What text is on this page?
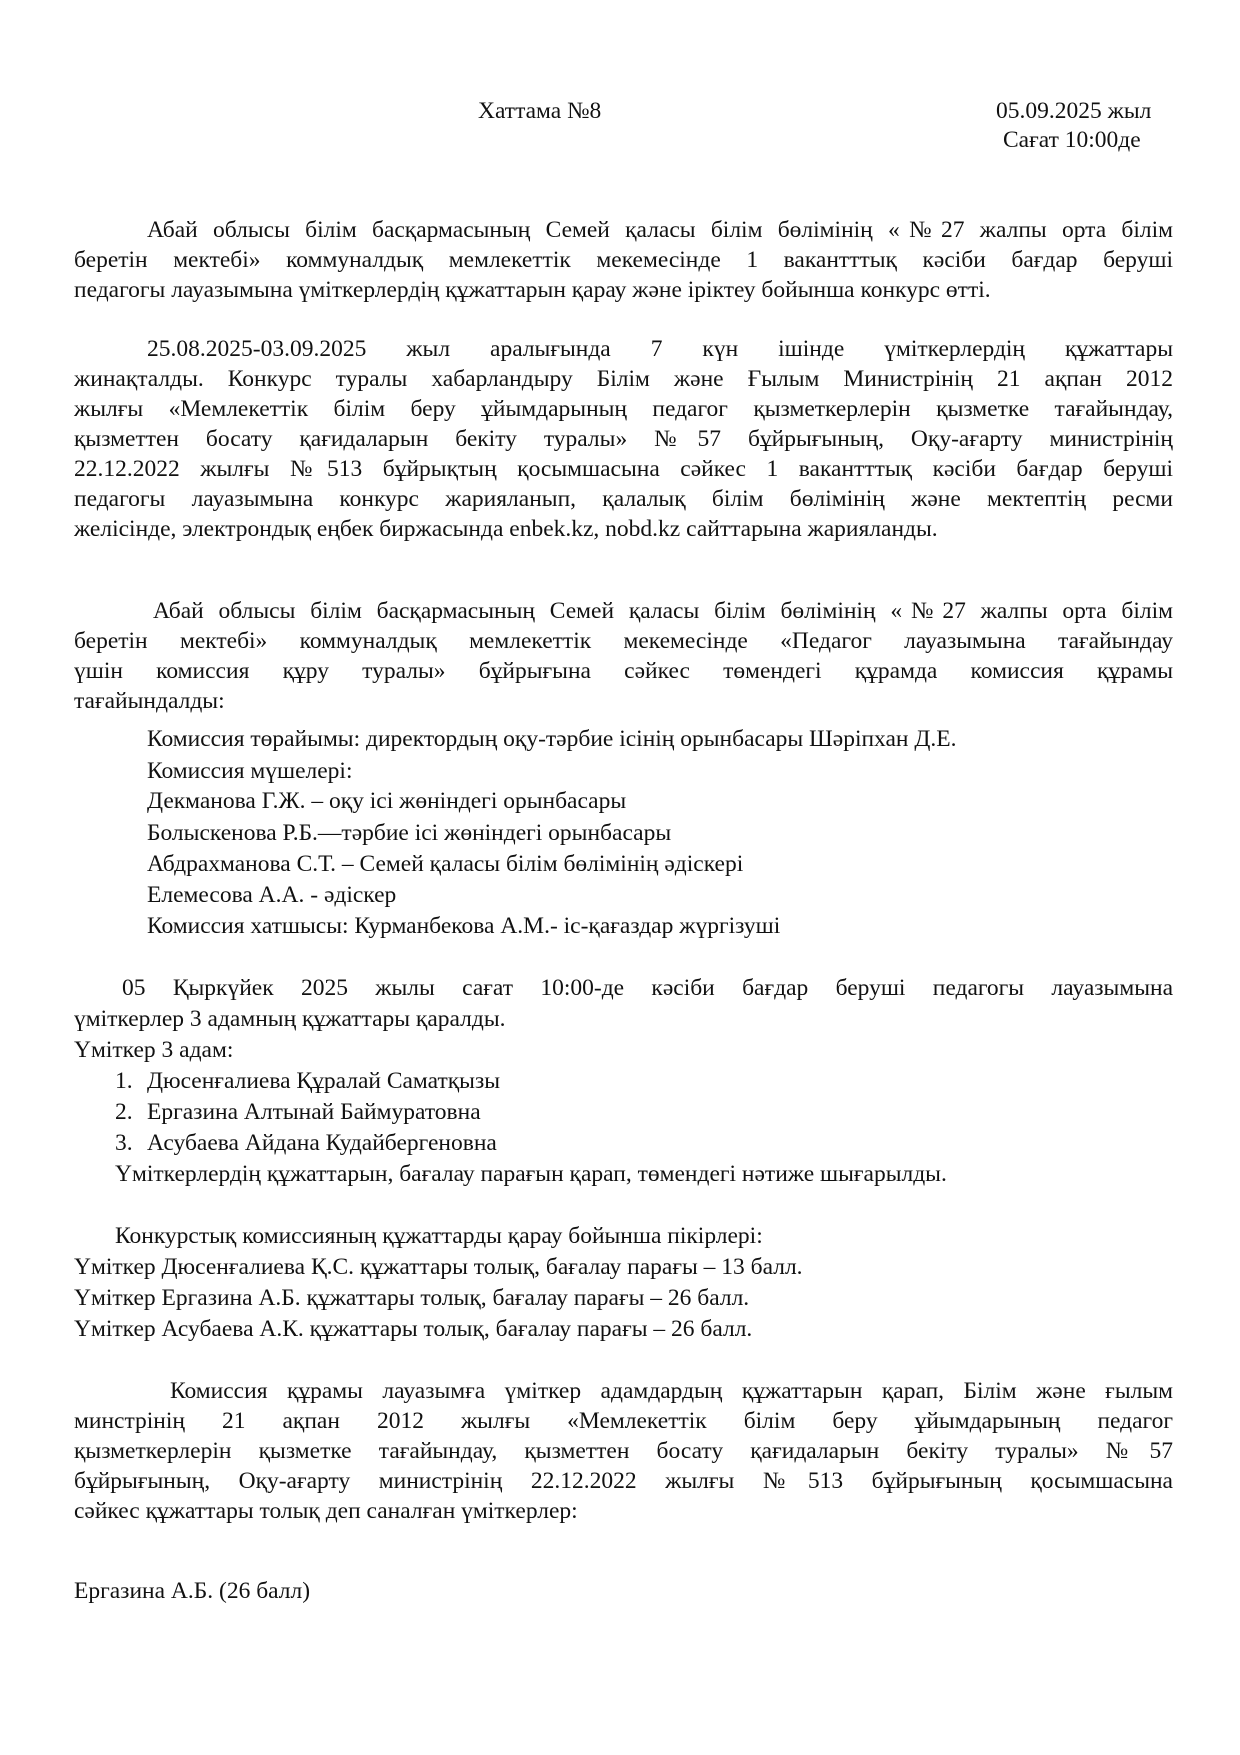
Хаттама №8	05.09.2025 жыл
Сағат 10:00де
Абай облысы білім басқармасының Семей қаласы білім бөлімінің «№27 жалпы орта білім
беретін мектебі» коммуналдық мемлекеттік мекемесінде 1 вакантттық кәсіби бағдар беруші
педагогы лауазымына үміткерлердің құжаттарын қарау және іріктеу бойынша конкурс өтті.
25.08.2025-03.09.2025 жыл аралығында 7 күн ішінде үміткерлердің құжаттары
жинақталды. Конкурс туралы хабарландыру Білім және Ғылым Министрінің 21 ақпан 2012
жылғы «Мемлекеттік білім беру ұйымдарының педагог қызметкерлерін қызметке тағайындау,
қызметтен босату қағидаларын бекіту туралы» №57 бұйрығының, Оқу-ағарту министрінің
22.12.2022 жылғы №513 бұйрықтың қосымшасына сәйкес 1 вакантттық кәсіби бағдар беруші
педагогы лауазымына конкурс жарияланып, қалалық білім бөлімінің және мектептің ресми
желісінде, электрондық еңбек биржасында enbek.kz, nobd.kz сайттарына жарияланды.
Абай облысы білім басқармасының Семей қаласы білім бөлімінің «№27 жалпы орта білім
беретін мектебі» коммуналдық мемлекеттік мекемесінде «Педагог лауазымына тағайындау
үшін комиссия құру туралы» бұйрығына сәйкес төмендегі құрамда комиссия құрамы
тағайындалды:
Комиссия төрайымы: директордың оқу-тәрбие ісінің орынбасары Шәріпхан Д.Е.
Комиссия мүшелері:
Декманова Г.Ж. – оқу ісі жөніндегі орынбасары
Болыскенова Р.Б.—тәрбие ісі жөніндегі орынбасары
Абдрахманова С.Т. – Семей қаласы білім бөлімінің әдіскері
Елемесова А.А. - әдіскер
Комиссия хатшысы: Курманбекова А.М.- іс-қағаздар жүргізуші
05 Қыркүйек 2025 жылы сағат 10:00-де кәсіби бағдар беруші педагогы лауазымына
үміткерлер 3 адамның құжаттары қаралды.
Үміткер 3 адам:
1. Дюсенғалиева Құралай Саматқызы
2. Ергазина Алтынай Баймуратовна
3. Асубаева Айдана Кудайбергеновна
Үміткерлердің құжаттарын, бағалау парағын қарап, төмендегі нәтиже шығарылды.
Конкурстық комиссияның құжаттарды қарау бойынша пікірлері:
Үміткер Дюсенғалиева Қ.С. құжаттары толық, бағалау парағы – 13 балл.
Үміткер Ергазина А.Б. құжаттары толық, бағалау парағы – 26 балл.
Үміткер Асубаева А.К. құжаттары толық, бағалау парағы – 26 балл.
Комиссия құрамы лауазымға үміткер адамдардың құжаттарын қарап, Білім және ғылым
минстрінің 21 ақпан 2012 жылғы «Мемлекеттік білім беру ұйымдарының педагог
қызметкерлерін қызметке тағайындау, қызметтен босату қағидаларын бекіту туралы» №57
бұйрығының, Оқу-ағарту министрінің 22.12.2022 жылғы №513 бұйрығының қосымшасына
сәйкес құжаттары толық деп саналған үміткерлер:
Ергазина А.Б. (26 балл)
